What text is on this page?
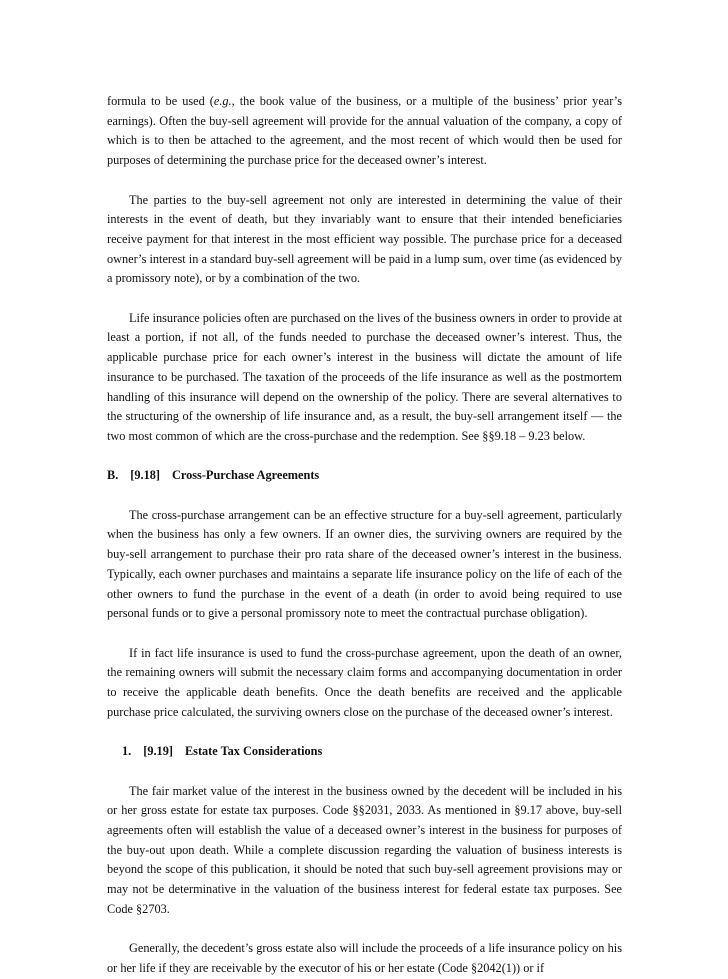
formula to be used (e.g., the book value of the business, or a multiple of the business’ prior year’s earnings). Often the buy-sell agreement will provide for the annual valuation of the company, a copy of which is to then be attached to the agreement, and the most recent of which would then be used for purposes of determining the purchase price for the deceased owner’s interest.

The parties to the buy-sell agreement not only are interested in determining the value of their interests in the event of death, but they invariably want to ensure that their intended beneficiaries receive payment for that interest in the most efficient way possible. The purchase price for a deceased owner’s interest in a standard buy-sell agreement will be paid in a lump sum, over time (as evidenced by a promissory note), or by a combination of the two.

Life insurance policies often are purchased on the lives of the business owners in order to provide at least a portion, if not all, of the funds needed to purchase the deceased owner’s interest. Thus, the applicable purchase price for each owner’s interest in the business will dictate the amount of life insurance to be purchased. The taxation of the proceeds of the life insurance as well as the postmortem handling of this insurance will depend on the ownership of the policy. There are several alternatives to the structuring of the ownership of life insurance and, as a result, the buy-sell arrangement itself — the two most common of which are the cross-purchase and the redemption. See §§9.18 – 9.23 below.

B. [9.18] Cross-Purchase Agreements

The cross-purchase arrangement can be an effective structure for a buy-sell agreement, particularly when the business has only a few owners. If an owner dies, the surviving owners are required by the buy-sell arrangement to purchase their pro rata share of the deceased owner’s interest in the business. Typically, each owner purchases and maintains a separate life insurance policy on the life of each of the other owners to fund the purchase in the event of a death (in order to avoid being required to use personal funds or to give a personal promissory note to meet the contractual purchase obligation).

If in fact life insurance is used to fund the cross-purchase agreement, upon the death of an owner, the remaining owners will submit the necessary claim forms and accompanying documentation in order to receive the applicable death benefits. Once the death benefits are received and the applicable purchase price calculated, the surviving owners close on the purchase of the deceased owner’s interest.

1. [9.19] Estate Tax Considerations

The fair market value of the interest in the business owned by the decedent will be included in his or her gross estate for estate tax purposes. Code §§2031, 2033. As mentioned in §9.17 above, buy-sell agreements often will establish the value of a deceased owner’s interest in the business for purposes of the buy-out upon death. While a complete discussion regarding the valuation of business interests is beyond the scope of this publication, it should be noted that such buy-sell agreement provisions may or may not be determinative in the valuation of the business interest for federal estate tax purposes. See Code §2703.

Generally, the decedent’s gross estate also will include the proceeds of a life insurance policy on his or her life if they are receivable by the executor of his or her estate (Code §2042(1)) or if
